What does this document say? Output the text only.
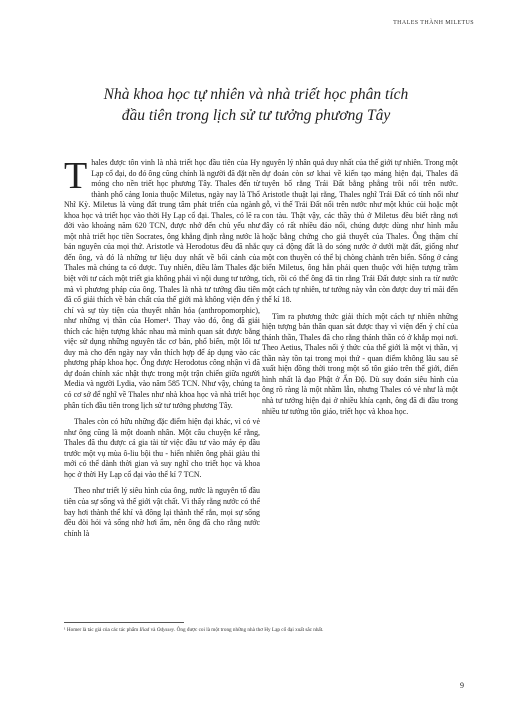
THALES THÀNH MILETUS
Nhà khoa học tự nhiên và nhà triết học phân tích
đầu tiên trong lịch sử tư tưởng phương Tây

Thales được tôn vinh là nhà triết học đầu tiên của Hy Lạp cổ đại, do đó ông cũng chính là người đã đặt nền móng cho nền triết học phương Tây. Thales đến từ thành phố cảng Ionia thuộc Miletus, ngày nay là Thổ Nhĩ Kỳ. Miletus là vùng đất trung tâm phát triển của ngành khoa học và triết học vào thời Hy Lạp cổ đại. Thales, có lẽ ra đời vào khoảng năm 620 TCN, được nhớ đến chủ yếu như một nhà triết học tiền Socrates, ông khẳng định rằng nước là bản nguyên của mọi thứ. Aristotle và Herodotus đều đã nhắc đến ông, và đó là những tư liệu duy nhất về bối cảnh của Thales mà chúng ta có được. Tuy nhiên, điều làm Thales đặc biệt với tư cách một triết gia không phải vì nội dung tư tưởng, mà vì phương pháp của ông. Thales là nhà tư tưởng đầu tiên đã cố giải thích về bản chất của thế giới mà không viện đến ý chí và sự tùy tiện của thuyết nhân hóa (anthropomorphic), như những vị thần của Homer¹. Thay vào đó, ông đã giải thích các hiện tượng khác nhau mà mình quan sát được bằng việc sử dụng những nguyên tắc cơ bản, phổ biến, một lối tư duy mà cho đến ngày nay vẫn thích hợp để áp dụng vào các phương pháp khoa học. Ông được Herodotus công nhận vì đã dự đoán chính xác nhật thực trong một trận chiến giữa người Media và người Lydia, vào năm 585 TCN. Như vậy, chúng ta có cơ sở để nghĩ về Thales như nhà khoa học và nhà triết học phân tích đầu tiên trong lịch sử tư tưởng phương Tây.

Thales còn có hữu những đặc điểm hiện đại khác, vì có vẻ như ông cũng là một doanh nhân. Một câu chuyện kể rằng, Thales đã thu được cả gia tài từ việc đầu tư vào máy ép dầu trước một vụ mùa ô-liu bội thu - hiển nhiên ông phải giàu thì mới có thể dành thời gian và suy nghĩ cho triết học và khoa học ở thời Hy Lạp cổ đại vào thế kỉ 7 TCN.

Theo như triết lý siêu hình của ông, nước là nguyên tố đầu tiên của sự sống và thế giới vật chất. Vì thấy rằng nước có thể bay hơi thành thể khí và đông lại thành thể rắn, mọi sự sống đều đòi hỏi và sống nhờ hơi ẩm, nên ông đã cho rằng nước chính là

nguyên lý nhân quả duy nhất của thế giới tự nhiên. Trong một dự đoán còn sơ khai về kiến tạo mảng hiện đại, Thales đã tuyên bố rằng Trái Đất bằng phẳng trôi nổi trên nước. Aristotle thuật lại rằng, Thales nghĩ Trái Đất có tính nổi như gỗ, vì thế Trái Đất nổi trên nước như một khúc củi hoặc một con tàu. Thật vậy, các thầy thủ ở Miletus đều biết rằng nơi đây có rất nhiều đảo nổi, chúng được dùng như hình mẫu hoặc bằng chứng cho giả thuyết của Thales. Ông thậm chí quy cả động đất là do sóng nước ở dưới mặt đất, giống như một con thuyền có thể bị chòng chành trên biển. Sống ở cảng biển Miletus, ông hẳn phải quen thuộc với hiện tượng trầm tích, rồi có thể ông đã tin rằng Trái Đất được sinh ra từ nước một cách tự nhiên, tư tưởng này vẫn còn được duy trì mãi đến thế kỉ 18.

Tìm ra phương thức giải thích một cách tự nhiên những hiện tượng bản thân quan sát được thay vì viện đến ý chí của thánh thần, Thales đã cho rằng thánh thần có ở khắp mọi nơi. Theo Aetius, Thales nối ý thức của thế giới là một vị thần, vị thần này tồn tại trong mọi thứ - quan điểm không lâu sau sẽ xuất hiện đồng thời trong một số tôn giáo trên thế giới, điển hình nhất là đạo Phật ở Ấn Độ. Dù suy đoán siêu hình của ông rõ ràng là một nhầm lẫn, nhưng Thales có vẻ như là một nhà tư tưởng hiện đại ở nhiều khía cạnh, ông đã đi đầu trong nhiều tư tưởng tôn giáo, triết học và khoa học.

¹ Homer là tác giả của các tác phẩm Iliad và Odyssey. Ông được coi là một trong những nhà thơ Hy Lạp cổ đại xuất sắc nhất.
9
